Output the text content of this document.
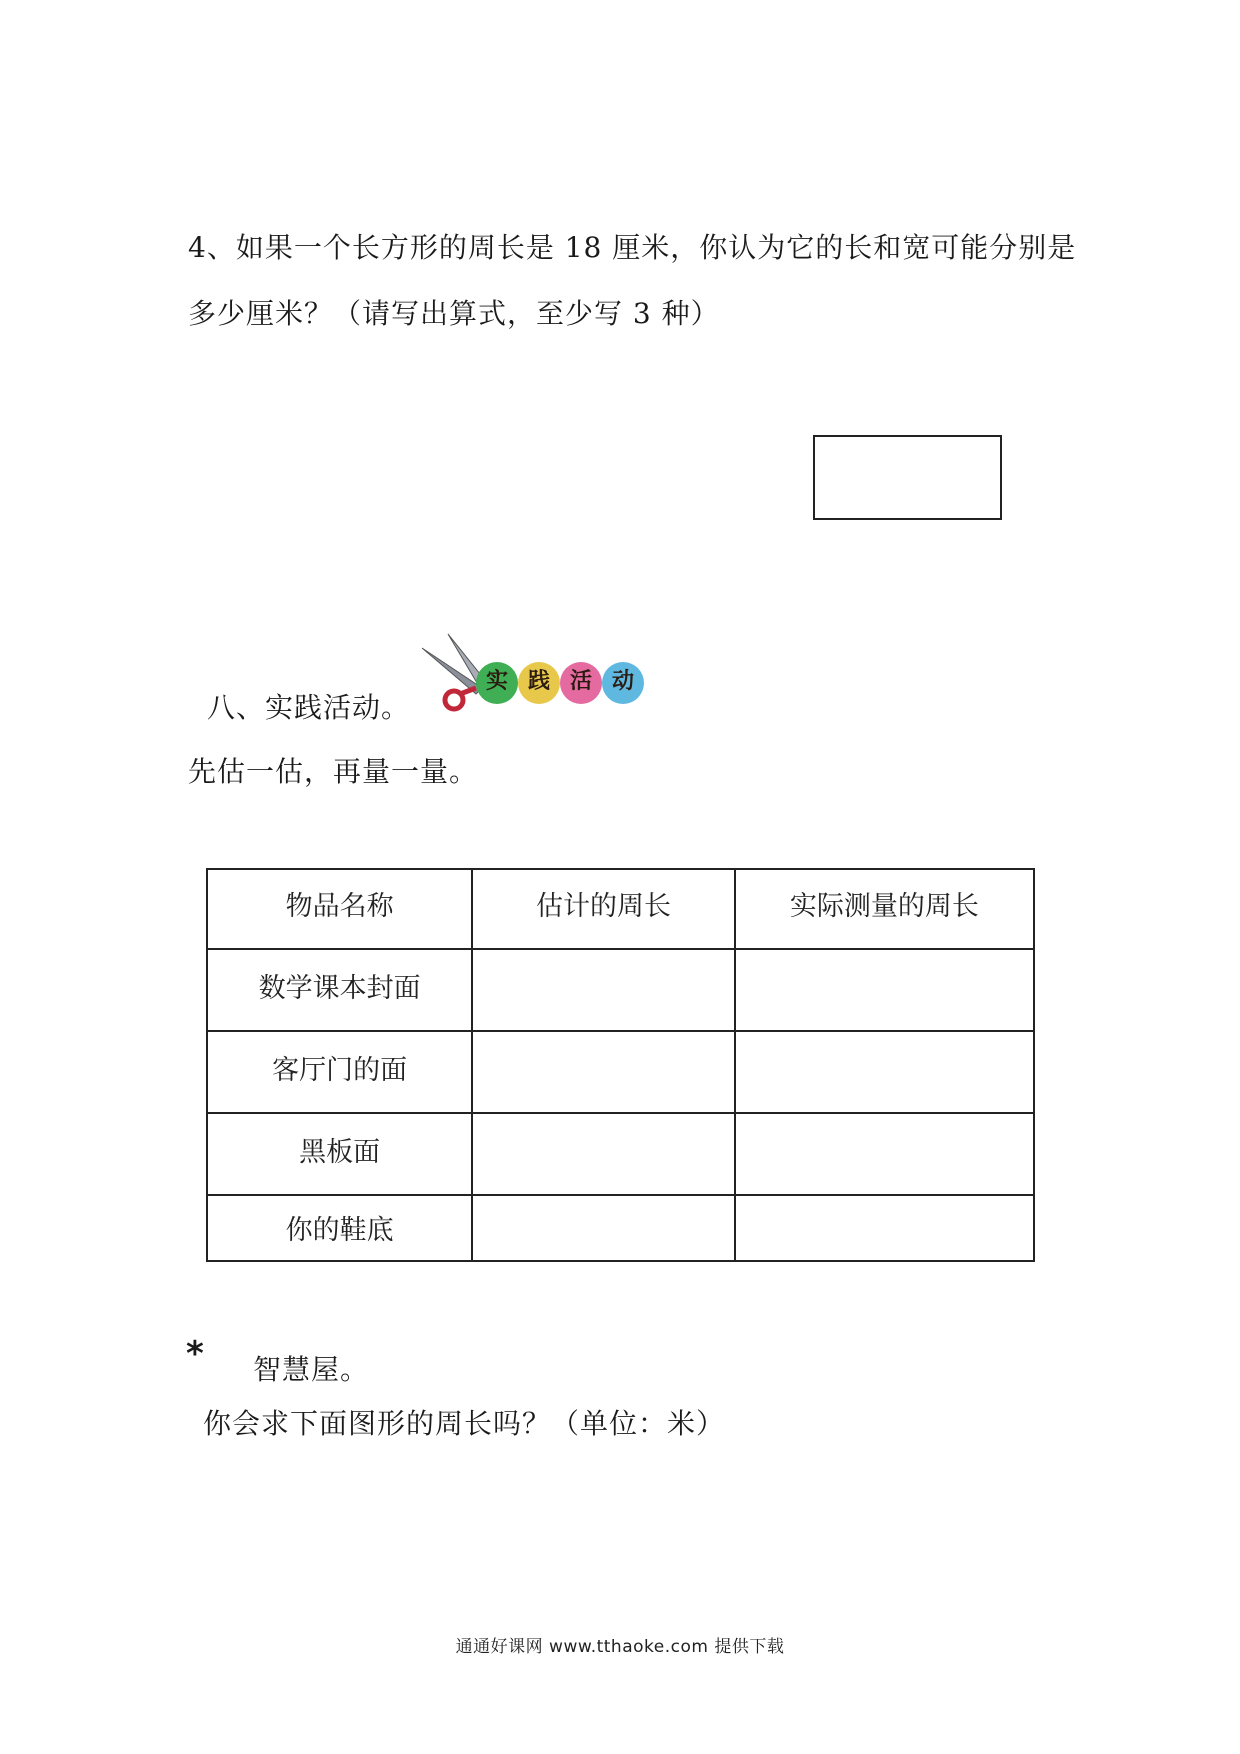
4、如果一个长方形的周长是 18 厘米，你认为它的长和宽可能分别是
多少厘米？（请写出算式，至少写 3 种）
八、实践活动。
实 践 活 动
先估一估，再量一量。
物品名称	估计的周长	实际测量的周长
数学课本封面		
客厅门的面		
黑板面		
你的鞋底		
* 智慧屋。
你会求下面图形的周长吗？（单位：米）
通通好课网 www.tthaoke.com 提供下载
